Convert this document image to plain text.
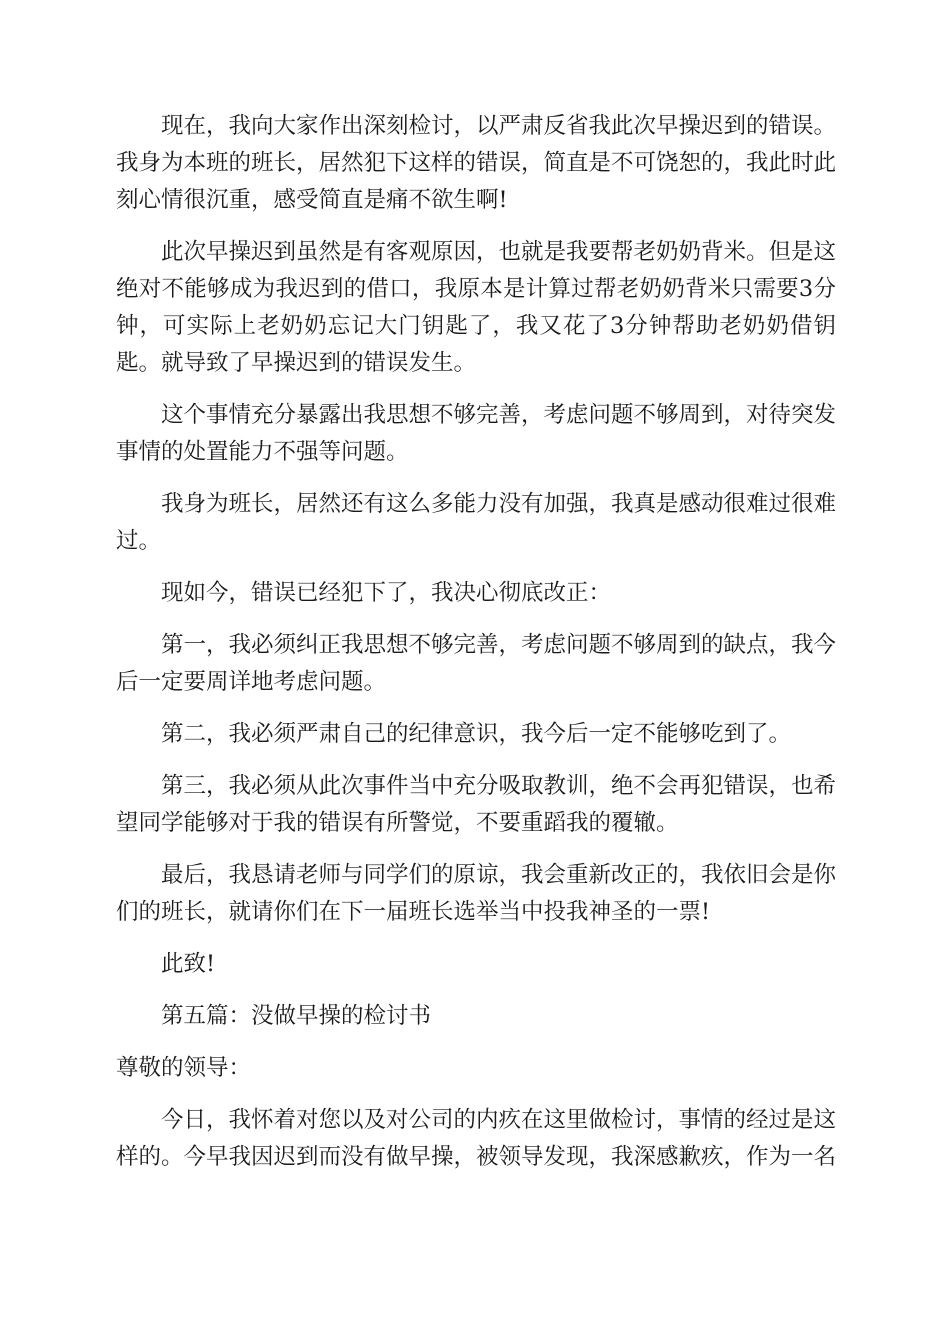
现在，我向大家作出深刻检讨，以严肃反省我此次早操迟到的错误。我身为本班的班长，居然犯下这样的错误，简直是不可饶恕的，我此时此刻心情很沉重，感受简直是痛不欲生啊!

此次早操迟到虽然是有客观原因，也就是我要帮老奶奶背米。但是这绝对不能够成为我迟到的借口，我原本是计算过帮老奶奶背米只需要3分钟，可实际上老奶奶忘记大门钥匙了，我又花了3分钟帮助老奶奶借钥匙。就导致了早操迟到的错误发生。

这个事情充分暴露出我思想不够完善，考虑问题不够周到，对待突发事情的处置能力不强等问题。

我身为班长，居然还有这么多能力没有加强，我真是感动很难过很难过。

现如今，错误已经犯下了，我决心彻底改正：

第一，我必须纠正我思想不够完善，考虑问题不够周到的缺点，我今后一定要周详地考虑问题。

第二，我必须严肃自己的纪律意识，我今后一定不能够吃到了。

第三，我必须从此次事件当中充分吸取教训，绝不会再犯错误，也希望同学能够对于我的错误有所警觉，不要重蹈我的覆辙。

最后，我恳请老师与同学们的原谅，我会重新改正的，我依旧会是你们的班长，就请你们在下一届班长选举当中投我神圣的一票!

此致!

第五篇：没做早操的检讨书

尊敬的领导：

今日，我怀着对您以及对公司的内疚在这里做检讨，事情的经过是这样的。今早我因迟到而没有做早操，被领导发现，我深感歉疚，作为一名
